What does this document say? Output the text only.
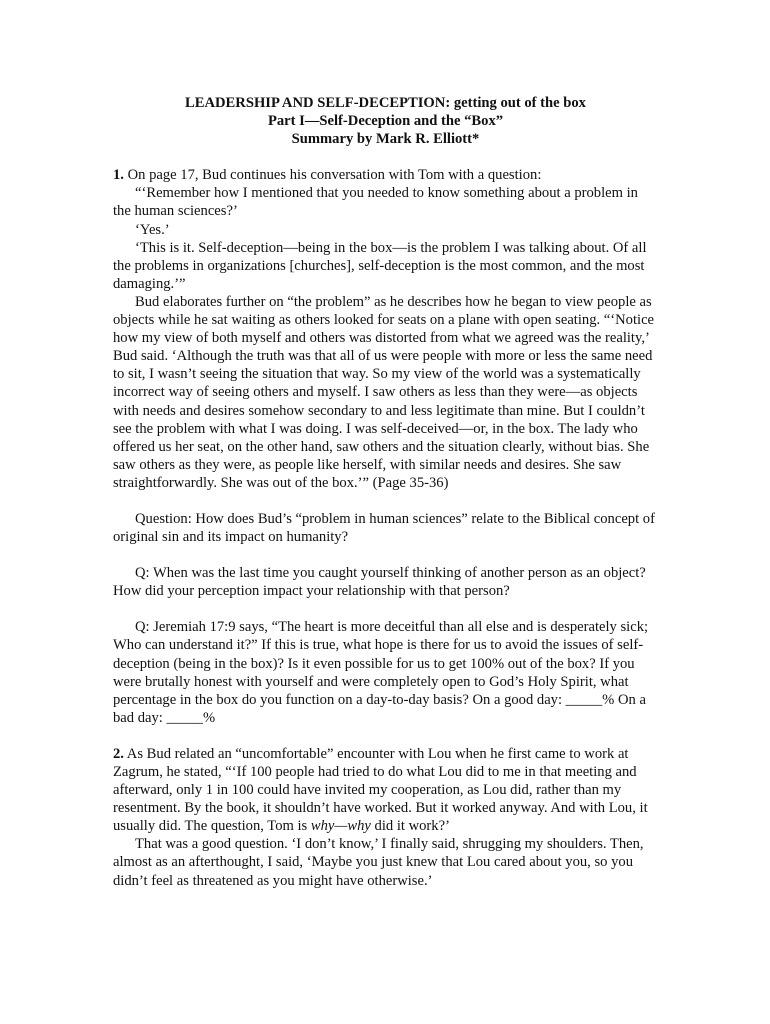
LEADERSHIP AND SELF-DECEPTION: getting out of the box
Part I—Self-Deception and the “Box”
Summary by Mark R. Elliott*

1. On page 17, Bud continues his conversation with Tom with a question:

“‘Remember how I mentioned that you needed to know something about a problem in the human sciences?’

‘Yes.’

‘This is it. Self-deception—being in the box—is the problem I was talking about. Of all the problems in organizations [churches], self-deception is the most common, and the most damaging.’”

Bud elaborates further on “the problem” as he describes how he began to view people as objects while he sat waiting as others looked for seats on a plane with open seating. “‘Notice how my view of both myself and others was distorted from what we agreed was the reality,’ Bud said. ‘Although the truth was that all of us were people with more or less the same need to sit, I wasn’t seeing the situation that way. So my view of the world was a systematically incorrect way of seeing others and myself. I saw others as less than they were—as objects with needs and desires somehow secondary to and less legitimate than mine. But I couldn’t see the problem with what I was doing. I was self-deceived—or, in the box. The lady who offered us her seat, on the other hand, saw others and the situation clearly, without bias. She saw others as they were, as people like herself, with similar needs and desires. She saw straightforwardly. She was out of the box.’” (Page 35-36)

Question: How does Bud’s “problem in human sciences” relate to the Biblical concept of original sin and its impact on humanity?

Q: When was the last time you caught yourself thinking of another person as an object? How did your perception impact your relationship with that person?

Q: Jeremiah 17:9 says, “The heart is more deceitful than all else and is desperately sick; Who can understand it?” If this is true, what hope is there for us to avoid the issues of self-deception (being in the box)? Is it even possible for us to get 100% out of the box? If you were brutally honest with yourself and were completely open to God’s Holy Spirit, what percentage in the box do you function on a day-to-day basis? On a good day: _____% On a bad day: _____%

2. As Bud related an “uncomfortable” encounter with Lou when he first came to work at Zagrum, he stated, “‘If 100 people had tried to do what Lou did to me in that meeting and afterward, only 1 in 100 could have invited my cooperation, as Lou did, rather than my resentment. By the book, it shouldn’t have worked. But it worked anyway. And with Lou, it usually did. The question, Tom is why—why did it work?’

That was a good question. ‘I don’t know,’ I finally said, shrugging my shoulders. Then, almost as an afterthought, I said, ‘Maybe you just knew that Lou cared about you, so you didn’t feel as threatened as you might have otherwise.’
